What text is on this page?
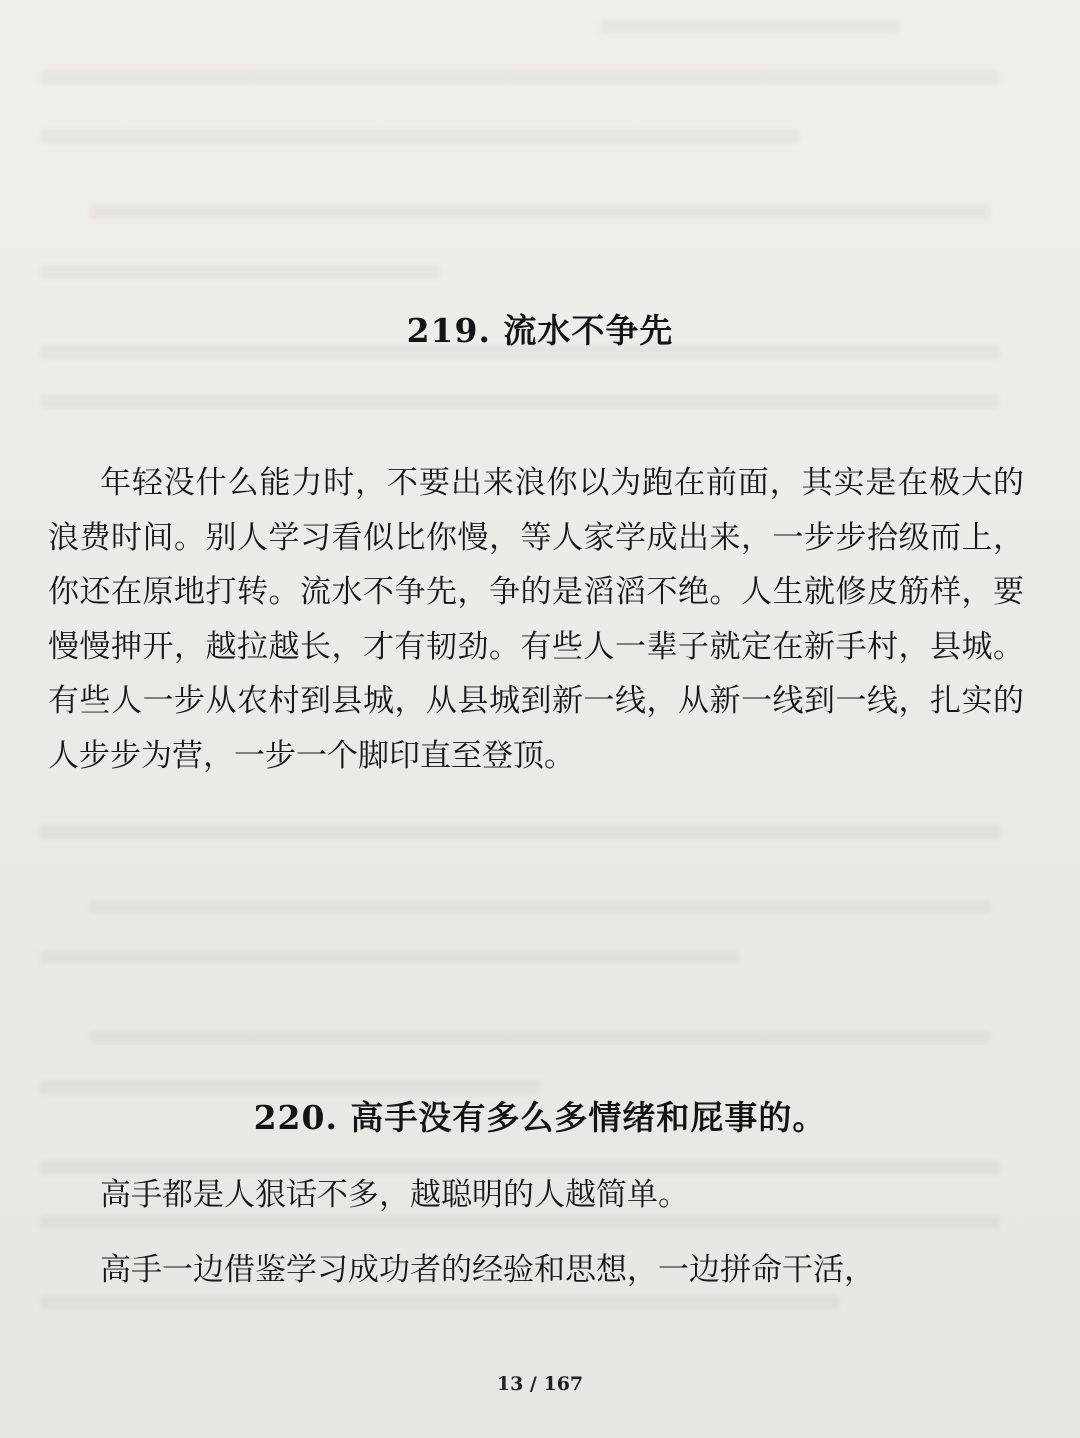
219. 流水不争先

年轻没什么能力时，不要出来浪你以为跑在前面，其实是在极大的浪费时间。别人学习看似比你慢，等人家学成出来，一步步拾级而上，你还在原地打转。流水不争先，争的是滔滔不绝。人生就修皮筋样，要慢慢抻开，越拉越长，才有韧劲。有些人一辈子就定在新手村，县城。有些人一步从农村到县城，从县城到新一线，从新一线到一线，扎实的人步步为营，一步一个脚印直至登顶。

220. 高手没有多么多情绪和屁事的。

高手都是人狠话不多，越聪明的人越简单。

高手一边借鉴学习成功者的经验和思想，一边拼命干活，

13 / 167
